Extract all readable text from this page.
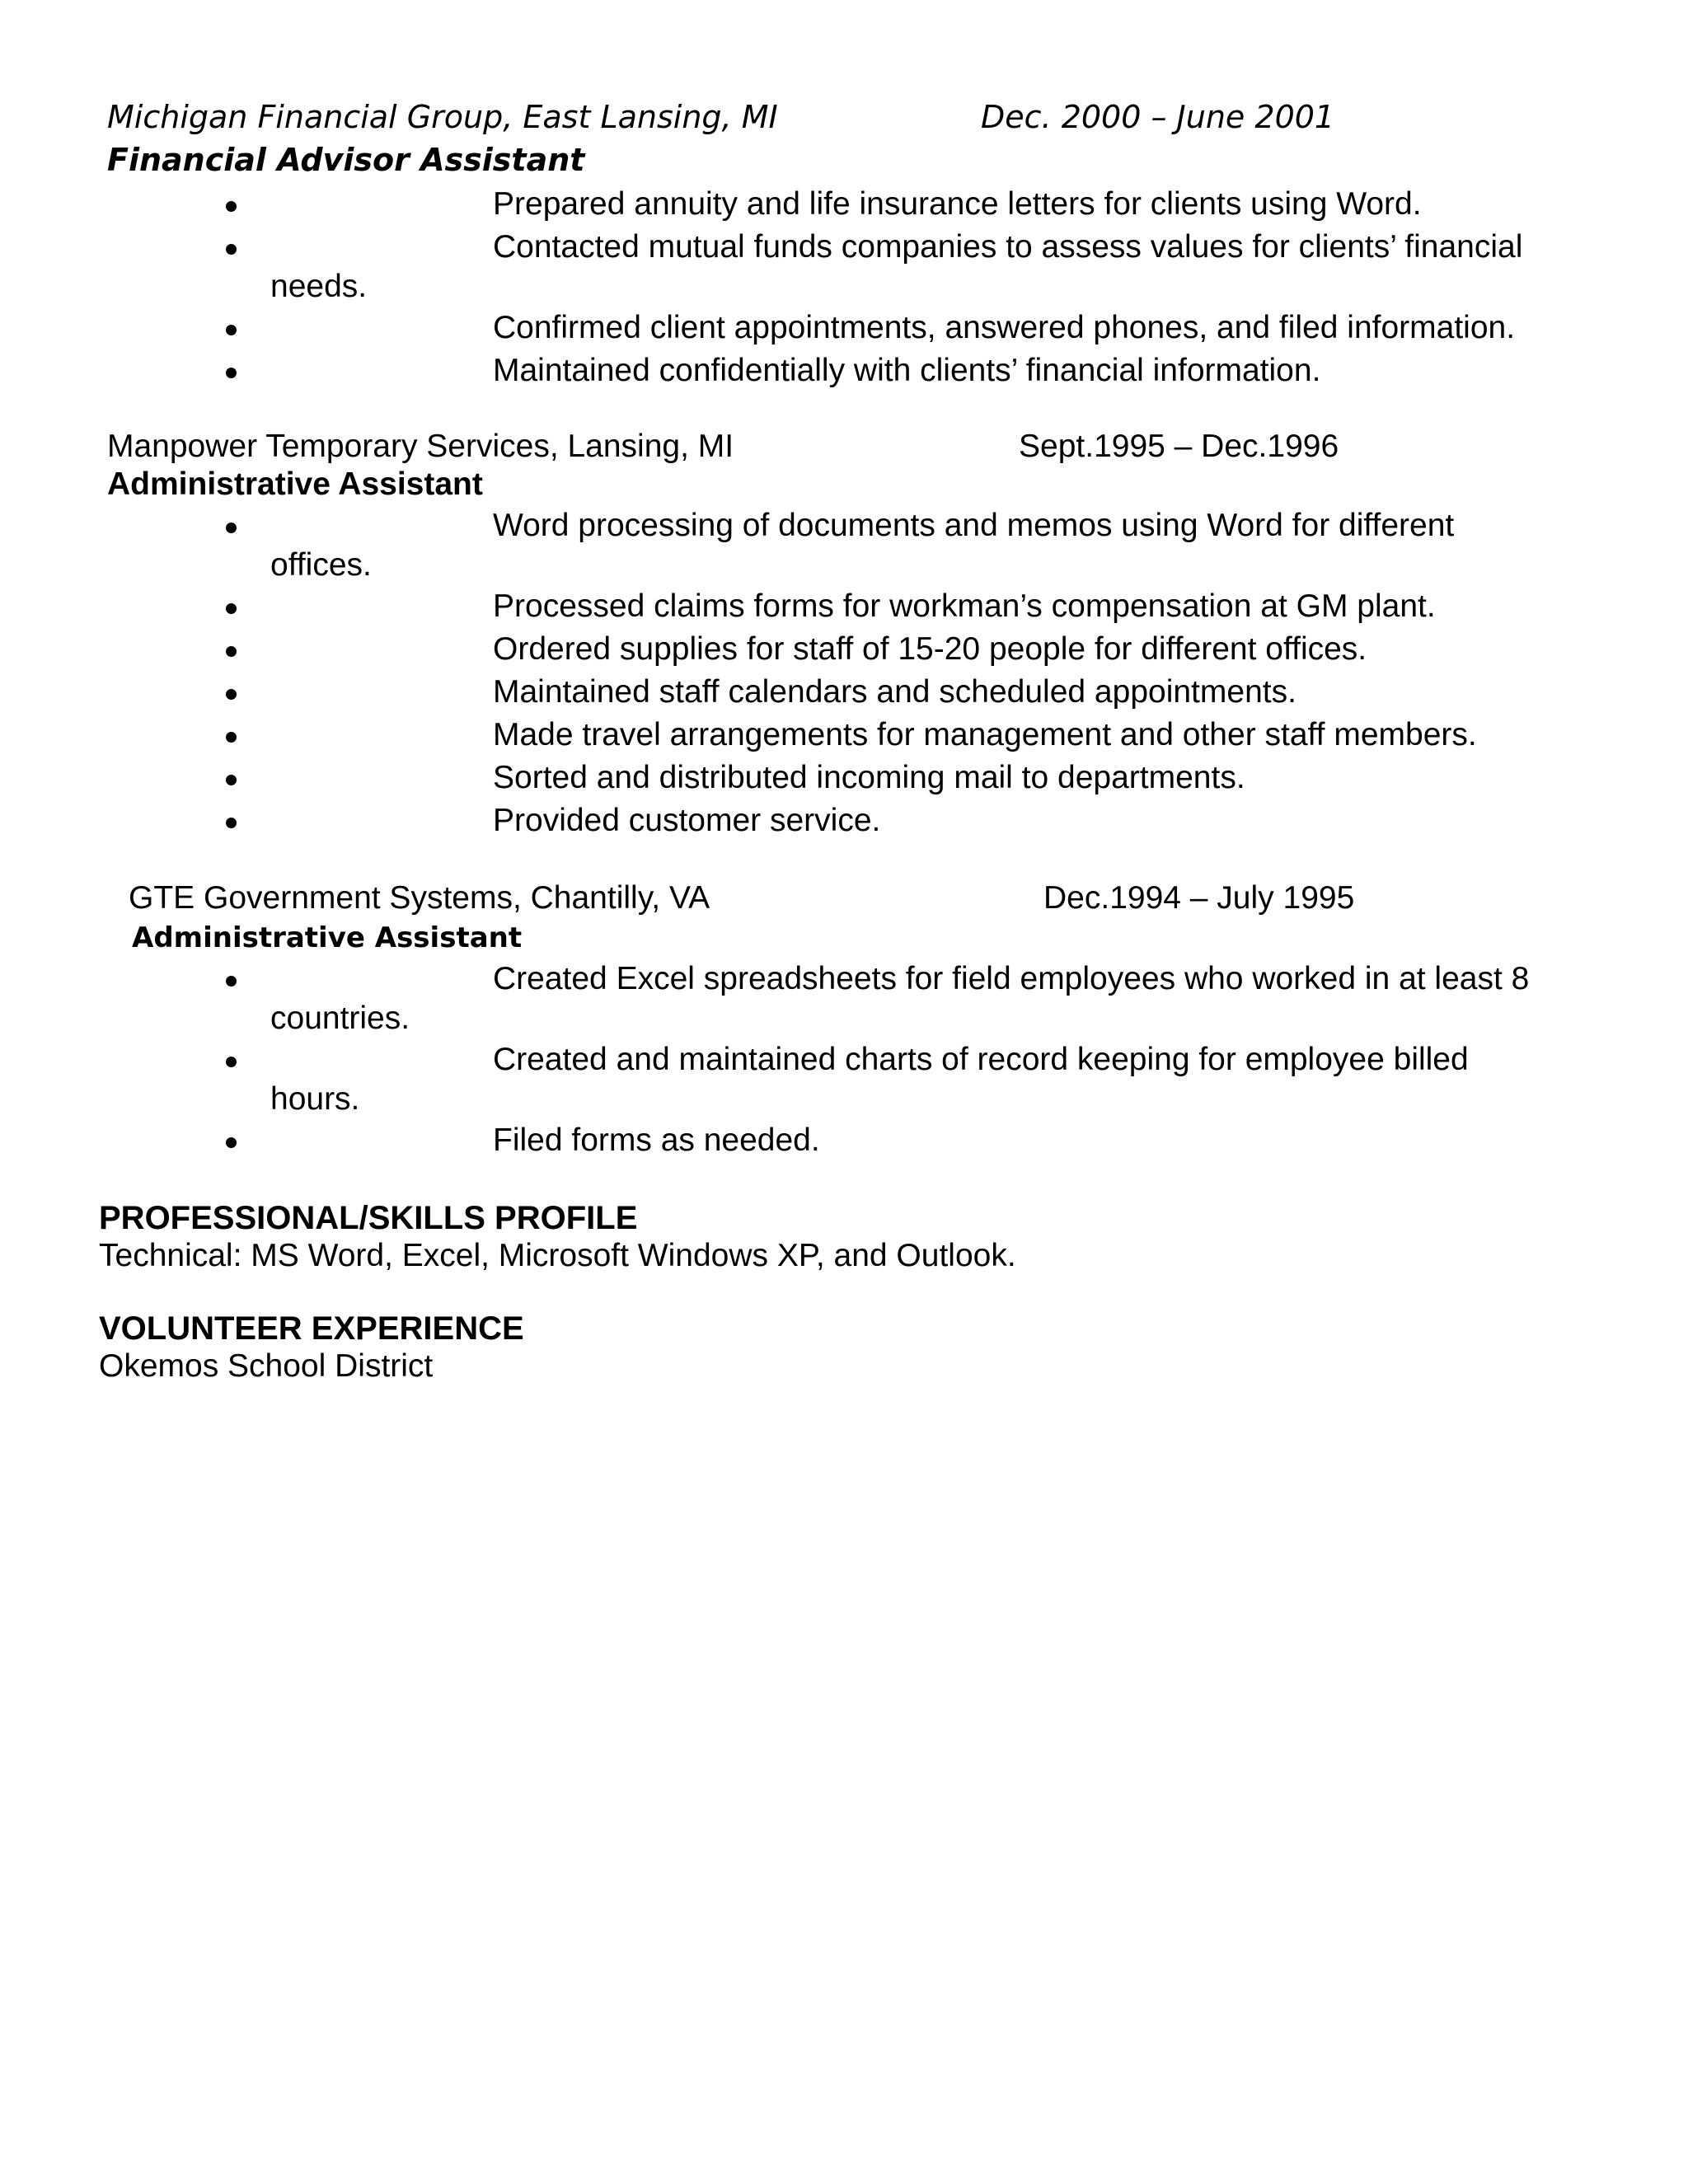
Michigan Financial Group, East Lansing, MI	Dec. 2000 – June 2001
Financial Advisor Assistant
Prepared annuity and life insurance letters for clients using Word.
Contacted mutual funds companies to assess values for clients’ financial
needs.
Confirmed client appointments, answered phones, and filed information.
Maintained confidentially with clients’ financial information.
Manpower Temporary Services, Lansing, MI	Sept.1995 – Dec.1996
Administrative Assistant
Word processing of documents and memos using Word for different
offices.
Processed claims forms for workman’s compensation at GM plant.
Ordered supplies for staff of 15-20 people for different offices.
Maintained staff calendars and scheduled appointments.
Made travel arrangements for management and other staff members.
Sorted and distributed incoming mail to departments.
Provided customer service.
GTE Government Systems, Chantilly, VA	Dec.1994 – July 1995
Administrative Assistant
Created Excel spreadsheets for field employees who worked in at least 8
countries.
Created and maintained charts of record keeping for employee billed
hours.
Filed forms as needed.
PROFESSIONAL/SKILLS PROFILE
Technical: MS Word, Excel, Microsoft Windows XP, and Outlook.
VOLUNTEER EXPERIENCE
Okemos School District
